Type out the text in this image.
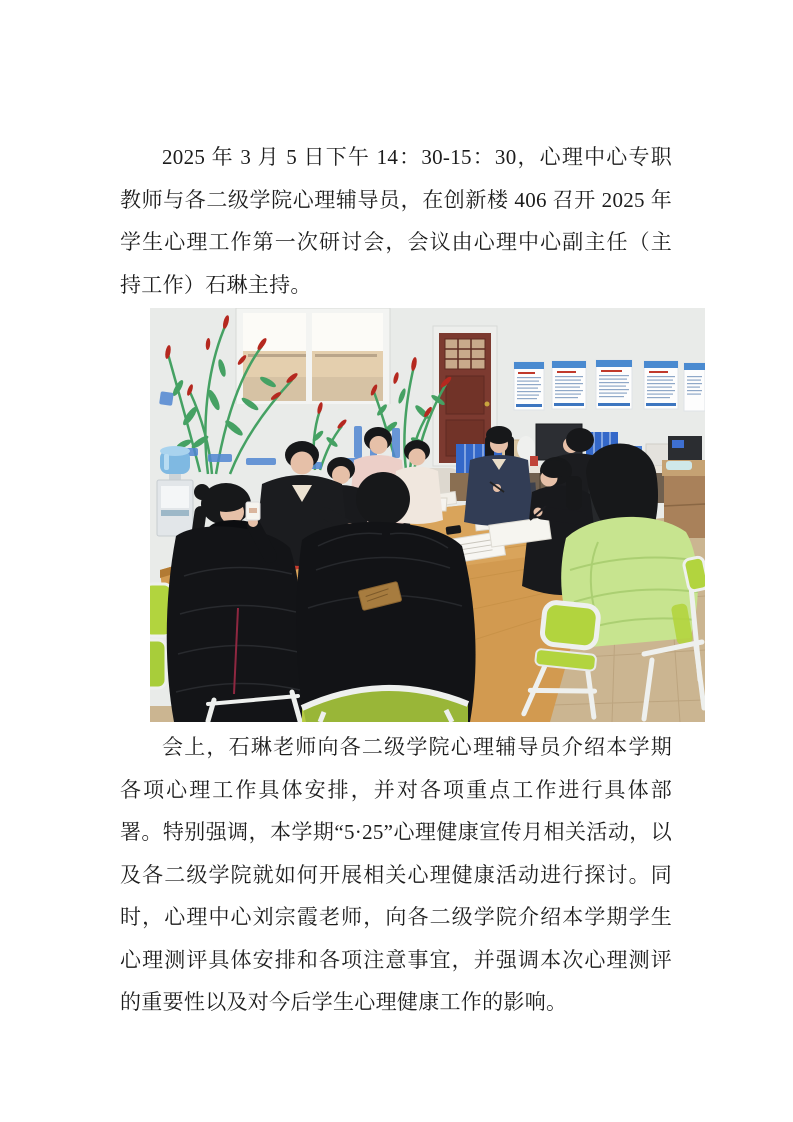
2025 年 3 月 5 日下午 14：30-15：30，心理中心专职教师与各二级学院心理辅导员，在创新楼 406 召开 2025 年学生心理工作第一次研讨会，会议由心理中心副主任（主持工作）石琳主持。

会上，石琳老师向各二级学院心理辅导员介绍本学期各项心理工作具体安排，并对各项重点工作进行具体部署。特别强调，本学期“5·25”心理健康宣传月相关活动，以及各二级学院就如何开展相关心理健康活动进行探讨。同时，心理中心刘宗霞老师，向各二级学院介绍本学期学生心理测评具体安排和各项注意事宜，并强调本次心理测评的重要性以及对今后学生心理健康工作的影响。
